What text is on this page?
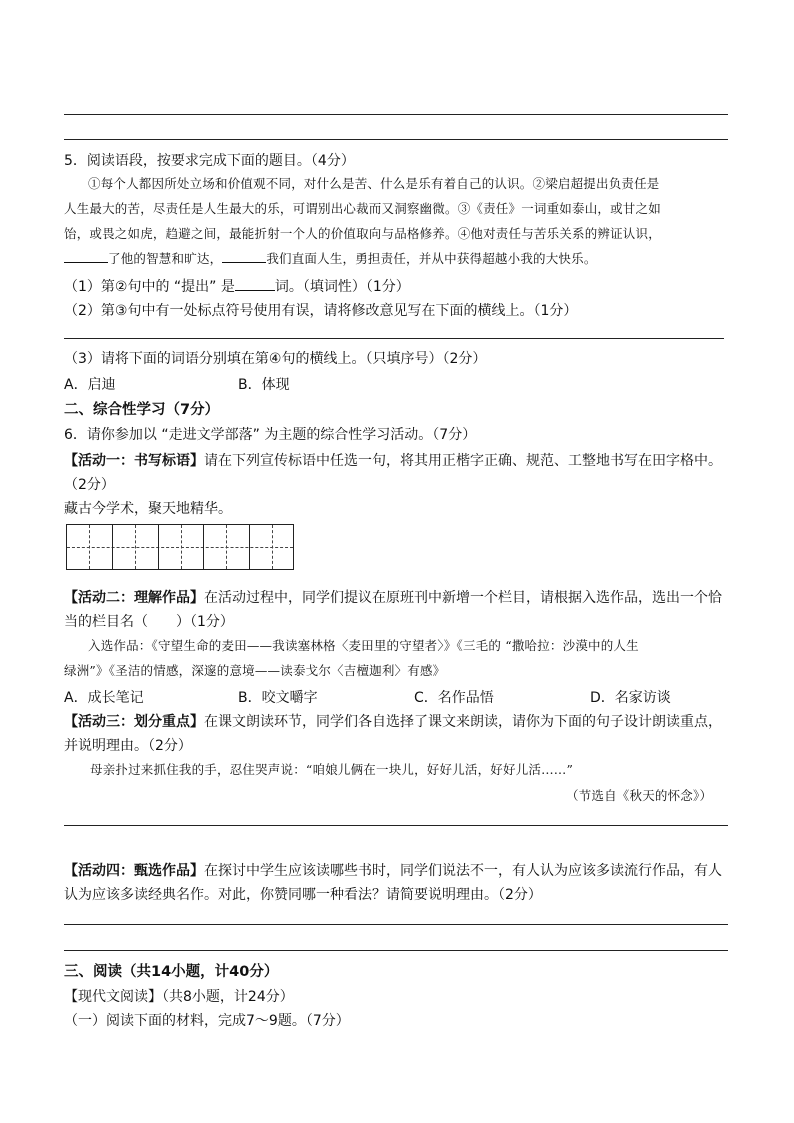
5．阅读语段，按要求完成下面的题目。（4分）
①每个人都因所处立场和价值观不同，对什么是苦、什么是乐有着自己的认识。②梁启超提出负责任是
人生最大的苦，尽责任是人生最大的乐，可谓别出心裁而又洞察幽微。③《责任》一词重如泰山，或甘之如
饴，或畏之如虎，趋避之间，最能折射一个人的价值取向与品格修养。④他对责任与苦乐关系的辨证认识，
了他的智慧和旷达，	我们直面人生，勇担责任，并从中获得超越小我的大快乐。
（1）第②句中的 “提出” 是	词。（填词性）（1分）
（2）第③句中有一处标点符号使用有误，请将修改意见写在下面的横线上。（1分）
（3）请将下面的词语分别填在第④句的横线上。（只填序号）（2分）
A．启迪	B．体现
二、综合性学习（7分）
6．请你参加以 “走进文学部落” 为主题的综合性学习活动。（7分）
【活动一：书写标语】请在下列宣传标语中任选一句，将其用正楷字正确、规范、工整地书写在田字格中。
（2分）
藏古今学术，聚天地精华。
【活动二：理解作品】在活动过程中，同学们提议在原班刊中新增一个栏目，请根据入选作品，选出一个恰
当的栏目名（　　）（1分）
入选作品：《守望生命的麦田——我读塞林格〈麦田里的守望者〉》《三毛的 “撒哈拉：沙漠中的人生
绿洲”》《圣洁的情感，深邃的意境——读泰戈尔〈吉檀迦利〉有感》
A．成长笔记	B．咬文嚼字	C．名作品悟	D．名家访谈
【活动三：划分重点】在课文朗读环节，同学们各自选择了课文来朗读，请你为下面的句子设计朗读重点，
并说明理由。（2分）
母亲扑过来抓住我的手，忍住哭声说：“咱娘儿俩在一块儿，好好儿活，好好儿活……”
（节选自《秋天的怀念》）
【活动四：甄选作品】在探讨中学生应该读哪些书时，同学们说法不一，有人认为应该多读流行作品，有人
认为应该多读经典名作。对此，你赞同哪一种看法？请简要说明理由。（2分）
三、阅读（共14小题，计40分）
【现代文阅读】（共8小题，计24分）
（一）阅读下面的材料，完成7～9题。（7分）
